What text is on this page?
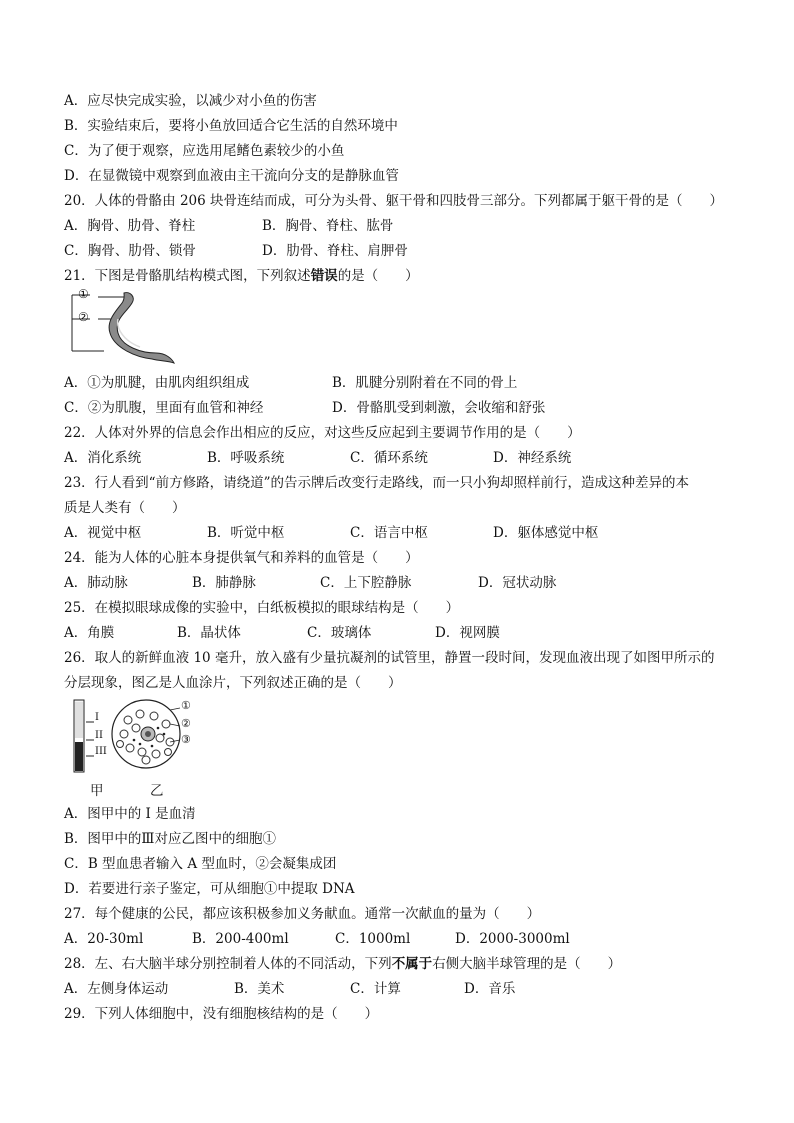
A．应尽快完成实验，以减少对小鱼的伤害
B．实验结束后，要将小鱼放回适合它生活的自然环境中
C．为了便于观察，应选用尾鳍色素较少的小鱼
D．在显微镜中观察到血液由主干流向分支的是静脉血管
20．人体的骨骼由 206 块骨连结而成，可分为头骨、躯干骨和四肢骨三部分。下列都属于躯干骨的是（　　）
A．胸骨、肋骨、脊柱	B．胸骨、脊柱、肱骨
C．胸骨、肋骨、锁骨	D．肋骨、脊柱、肩胛骨
21．下图是骨骼肌结构模式图，下列叙述错误的是（　　）
①
②
A．①为肌腱，由肌肉组织组成	B．肌腱分别附着在不同的骨上
C．②为肌腹，里面有血管和神经	D．骨骼肌受到刺激，会收缩和舒张
22．人体对外界的信息会作出相应的反应，对这些反应起到主要调节作用的是（　　）
A．消化系统	B．呼吸系统	C．循环系统	D．神经系统
23．行人看到“前方修路，请绕道”的告示牌后改变行走路线，而一只小狗却照样前行，造成这种差异的本
质是人类有（　　）
A．视觉中枢	B．听觉中枢	C．语言中枢	D．躯体感觉中枢
24．能为人体的心脏本身提供氧气和养料的血管是（　　）
A．肺动脉	B．肺静脉	C．上下腔静脉	D．冠状动脉
25．在模拟眼球成像的实验中，白纸板模拟的眼球结构是（　　）
A．角膜	B．晶状体	C．玻璃体	D．视网膜
26．取人的新鲜血液 10 毫升，放入盛有少量抗凝剂的试管里，静置一段时间，发现血液出现了如图甲所示的
分层现象，图乙是人血涂片，下列叙述正确的是（　　）
I
II
III
①
②
③
甲	乙
A．图甲中的 I 是血清
B．图甲中的Ⅲ对应乙图中的细胞①
C．B 型血患者输入 A 型血时，②会凝集成团
D．若要进行亲子鉴定，可从细胞①中提取 DNA
27．每个健康的公民，都应该积极参加义务献血。通常一次献血的量为（　　）
A．20-30ml	B．200-400ml	C．1000ml	D．2000-3000ml
28．左、右大脑半球分别控制着人体的不同活动，下列不属于右侧大脑半球管理的是（　　）
A．左侧身体运动	B．美术	C．计算	D．音乐
29．下列人体细胞中，没有细胞核结构的是（　　）
